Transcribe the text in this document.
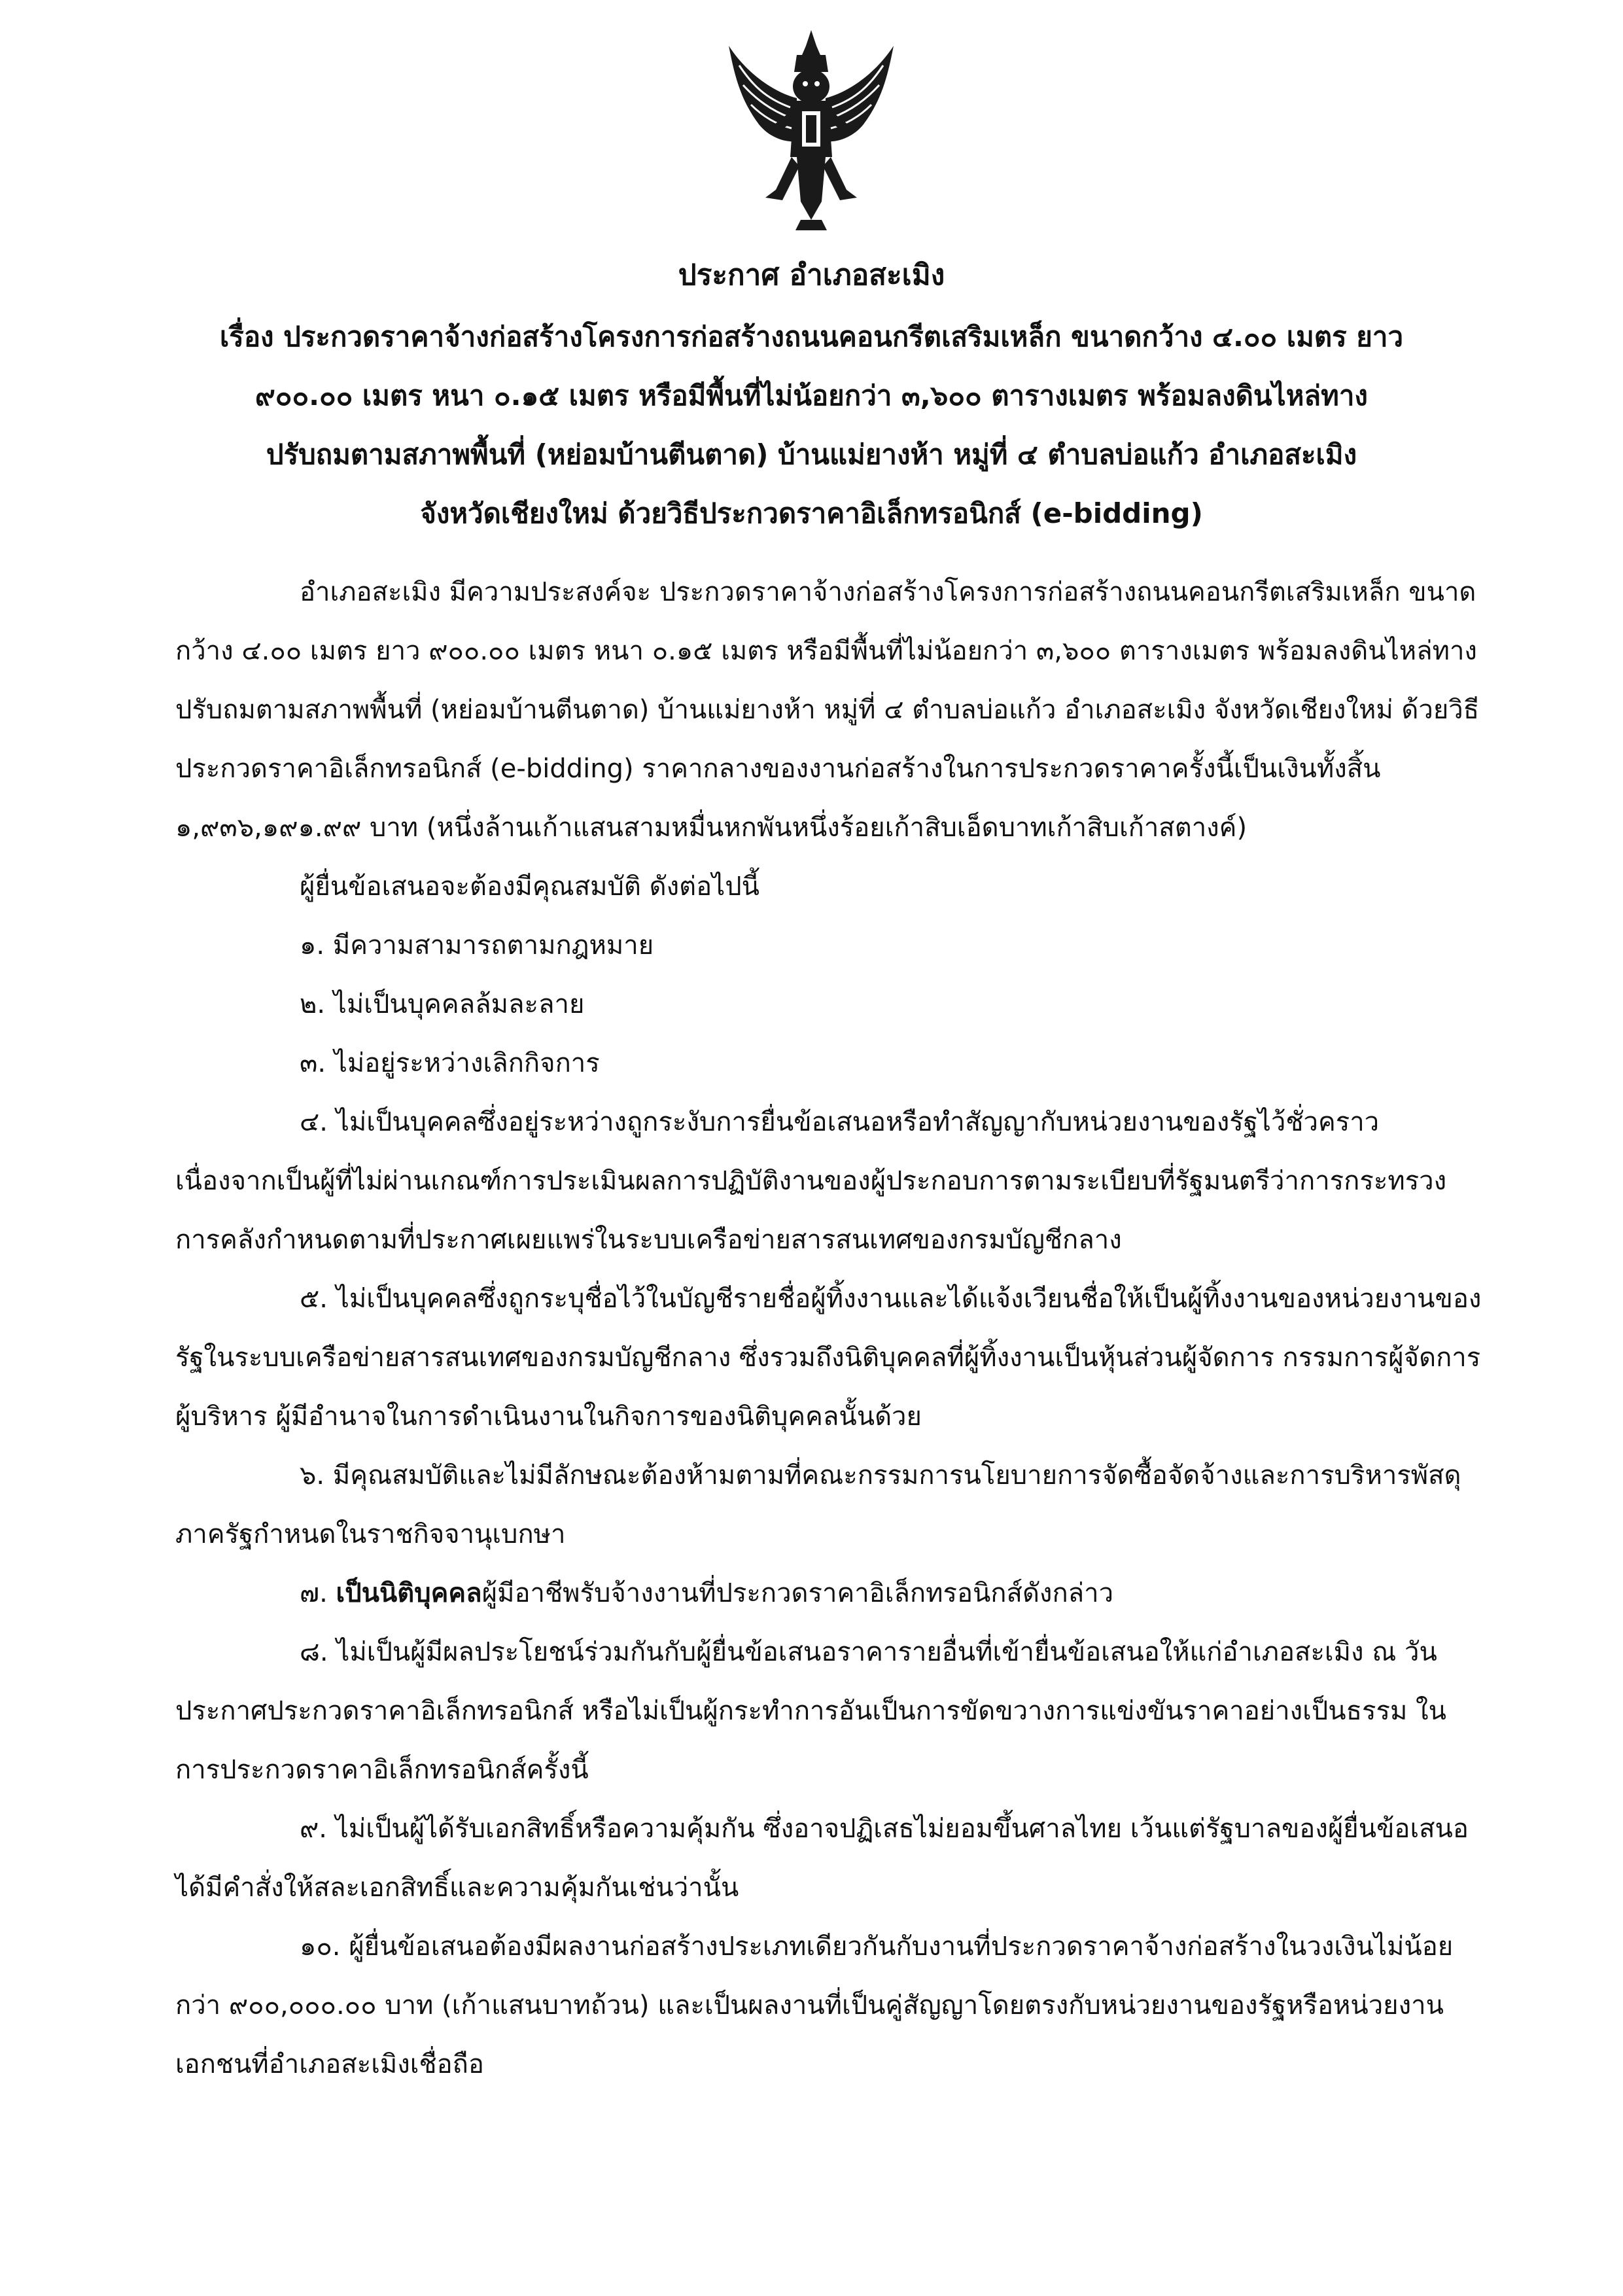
ประกาศ อำเภอสะเมิง
เรื่อง ประกวดราคาจ้างก่อสร้างโครงการก่อสร้างถนนคอนกรีตเสริมเหล็ก ขนาดกว้าง ๔.๐๐ เมตร ยาว
๙๐๐.๐๐ เมตร หนา ๐.๑๕ เมตร หรือมีพื้นที่ไม่น้อยกว่า ๓,๖๐๐ ตารางเมตร พร้อมลงดินไหล่ทาง
ปรับถมตามสภาพพื้นที่ (หย่อมบ้านตีนตาด) บ้านแม่ยางห้า หมู่ที่ ๔ ตำบลบ่อแก้ว อำเภอสะเมิง
จังหวัดเชียงใหม่ ด้วยวิธีประกวดราคาอิเล็กทรอนิกส์ (e-bidding)

อำเภอสะเมิง มีความประสงค์จะ ประกวดราคาจ้างก่อสร้างโครงการก่อสร้างถนนคอนกรีตเสริมเหล็ก ขนาดกว้าง ๔.๐๐ เมตร ยาว ๙๐๐.๐๐ เมตร หนา ๐.๑๕ เมตร หรือมีพื้นที่ไม่น้อยกว่า ๓,๖๐๐ ตารางเมตร พร้อมลงดินไหล่ทาง ปรับถมตามสภาพพื้นที่ (หย่อมบ้านตีนตาด) บ้านแม่ยางห้า หมู่ที่ ๔ ตำบลบ่อแก้ว อำเภอสะเมิง จังหวัดเชียงใหม่ ด้วยวิธีประกวดราคาอิเล็กทรอนิกส์ (e-bidding) ราคากลางของงานก่อสร้างในการประกวดราคาครั้งนี้เป็นเงินทั้งสิ้น ๑,๙๓๖,๑๙๑.๙๙ บาท (หนึ่งล้านเก้าแสนสามหมื่นหกพันหนึ่งร้อยเก้าสิบเอ็ดบาทเก้าสิบเก้าสตางค์)

ผู้ยื่นข้อเสนอจะต้องมีคุณสมบัติ ดังต่อไปนี้

๑. มีความสามารถตามกฎหมาย

๒. ไม่เป็นบุคคลล้มละลาย

๓. ไม่อยู่ระหว่างเลิกกิจการ

๔. ไม่เป็นบุคคลซึ่งอยู่ระหว่างถูกระงับการยื่นข้อเสนอหรือทำสัญญากับหน่วยงานของรัฐไว้ชั่วคราว เนื่องจากเป็นผู้ที่ไม่ผ่านเกณฑ์การประเมินผลการปฏิบัติงานของผู้ประกอบการตามระเบียบที่รัฐมนตรีว่าการกระทรวงการคลังกำหนดตามที่ประกาศเผยแพร่ในระบบเครือข่ายสารสนเทศของกรมบัญชีกลาง

๕. ไม่เป็นบุคคลซึ่งถูกระบุชื่อไว้ในบัญชีรายชื่อผู้ทิ้งงานและได้แจ้งเวียนชื่อให้เป็นผู้ทิ้งงานของหน่วยงานของรัฐในระบบเครือข่ายสารสนเทศของกรมบัญชีกลาง ซึ่งรวมถึงนิติบุคคลที่ผู้ทิ้งงานเป็นหุ้นส่วนผู้จัดการ กรรมการผู้จัดการ ผู้บริหาร ผู้มีอำนาจในการดำเนินงานในกิจการของนิติบุคคลนั้นด้วย

๖. มีคุณสมบัติและไม่มีลักษณะต้องห้ามตามที่คณะกรรมการนโยบายการจัดซื้อจัดจ้างและการบริหารพัสดุภาครัฐกำหนดในราชกิจจานุเบกษา

๗. เป็นนิติบุคคลผู้มีอาชีพรับจ้างงานที่ประกวดราคาอิเล็กทรอนิกส์ดังกล่าว

๘. ไม่เป็นผู้มีผลประโยชน์ร่วมกันกับผู้ยื่นข้อเสนอราคารายอื่นที่เข้ายื่นข้อเสนอให้แก่อำเภอสะเมิง ณ วันประกาศประกวดราคาอิเล็กทรอนิกส์ หรือไม่เป็นผู้กระทำการอันเป็นการขัดขวางการแข่งขันราคาอย่างเป็นธรรม ในการประกวดราคาอิเล็กทรอนิกส์ครั้งนี้

๙. ไม่เป็นผู้ได้รับเอกสิทธิ์หรือความคุ้มกัน ซึ่งอาจปฏิเสธไม่ยอมขึ้นศาลไทย เว้นแต่รัฐบาลของผู้ยื่นข้อเสนอได้มีคำสั่งให้สละเอกสิทธิ์และความคุ้มกันเช่นว่านั้น

๑๐. ผู้ยื่นข้อเสนอต้องมีผลงานก่อสร้างประเภทเดียวกันกับงานที่ประกวดราคาจ้างก่อสร้างในวงเงินไม่น้อยกว่า ๙๐๐,๐๐๐.๐๐ บาท (เก้าแสนบาทถ้วน) และเป็นผลงานที่เป็นคู่สัญญาโดยตรงกับหน่วยงานของรัฐหรือหน่วยงานเอกชนที่อำเภอสะเมิงเชื่อถือ
